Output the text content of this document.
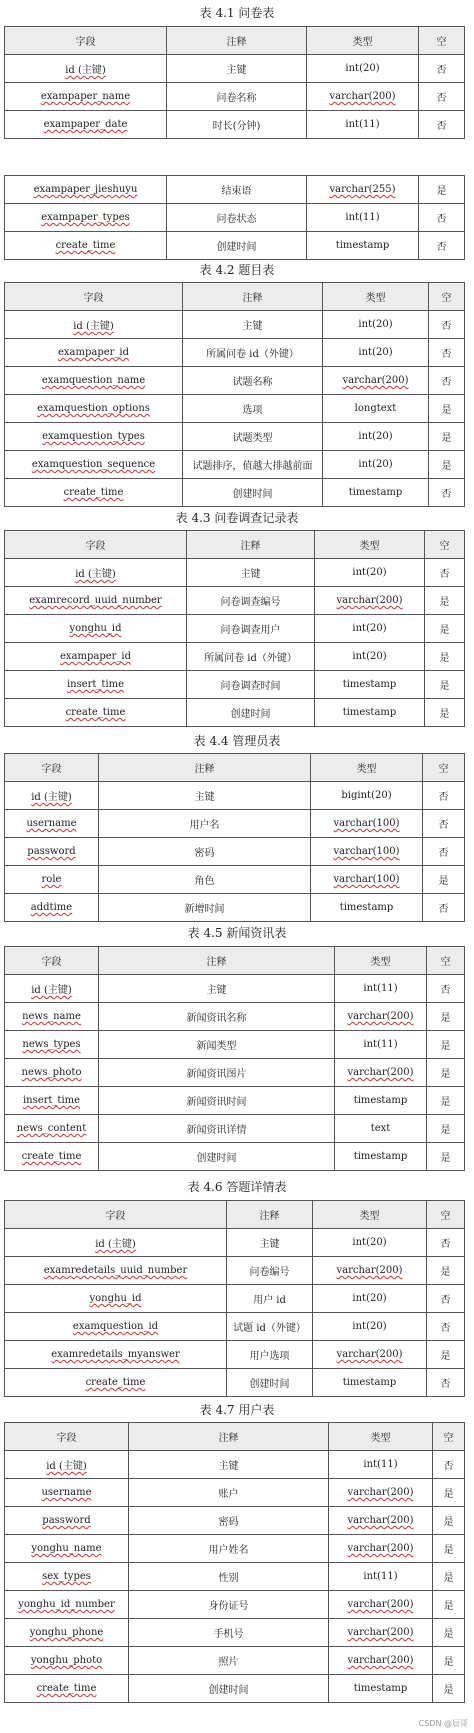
表 4.1 问卷表
表 4.2 题目表
表 4.3 问卷调查记录表
表 4.4 管理员表
表 4.5 新闻资讯表
表 4.6 答题详情表
表 4.7 用户表
字段	注释	类型	空
id (主键)	主键	int(20)	否
exampaper_name	问卷名称	varchar(200)	否
exampaper_date	时长(分钟)	int(11)	否
exampaper_jieshuyu	结束语	varchar(255)	是
exampaper_types	问卷状态	int(11)	否
create_time	创建时间	timestamp	否
字段	注释	类型	空
id (主键)	主键	int(20)	否
exampaper_id	所属问卷 id（外键）	int(20)	否
examquestion_name	试题名称	varchar(200)	否
examquestion_options	选项	longtext	是
examquestion_types	试题类型	int(20)	是
examquestion_sequence	试题排序，值越大排越前面	int(20)	是
create_time	创建时间	timestamp	否
字段	注释	类型	空
id (主键)	主键	int(20)	否
examrecord_uuid_number	问卷调查编号	varchar(200)	是
yonghu_id	问卷调查用户	int(20)	是
exampaper_id	所属问卷 id（外键）	int(20)	是
insert_time	问卷调查时间	timestamp	是
create_time	创建时间	timestamp	是
字段	注释	类型	空
id (主键)	主键	bigint(20)	否
username	用户名	varchar(100)	否
password	密码	varchar(100)	否
role	角色	varchar(100)	是
addtime	新增时间	timestamp	否
字段	注释	类型	空
id (主键)	主键	int(11)	否
news_name	新闻资讯名称	varchar(200)	是
news_types	新闻类型	int(11)	是
news_photo	新闻资讯图片	varchar(200)	是
insert_time	新闻资讯时间	timestamp	是
news_content	新闻资讯详情	text	是
create_time	创建时间	timestamp	是
字段	注释	类型	空
id (主键)	主键	int(20)	否
examredetails_uuid_number	问卷编号	varchar(200)	是
yonghu_id	用户 id	int(20)	否
examquestion_id	试题 id（外键）	int(20)	否
examredetails_myanswer	用户选项	varchar(200)	是
create_time	创建时间	timestamp	否
字段	注释	类型	空
id (主键)	主键	int(11)	否
username	账户	varchar(200)	是
password	密码	varchar(200)	是
yonghu_name	用户姓名	varchar(200)	是
sex_types	性别	int(11)	是
yonghu_id_number	身份证号	varchar(200)	是
yonghu_phone	手机号	varchar(200)	是
yonghu_photo	照片	varchar(200)	是
create_time	创建时间	timestamp	是
CSDN @辰哥
